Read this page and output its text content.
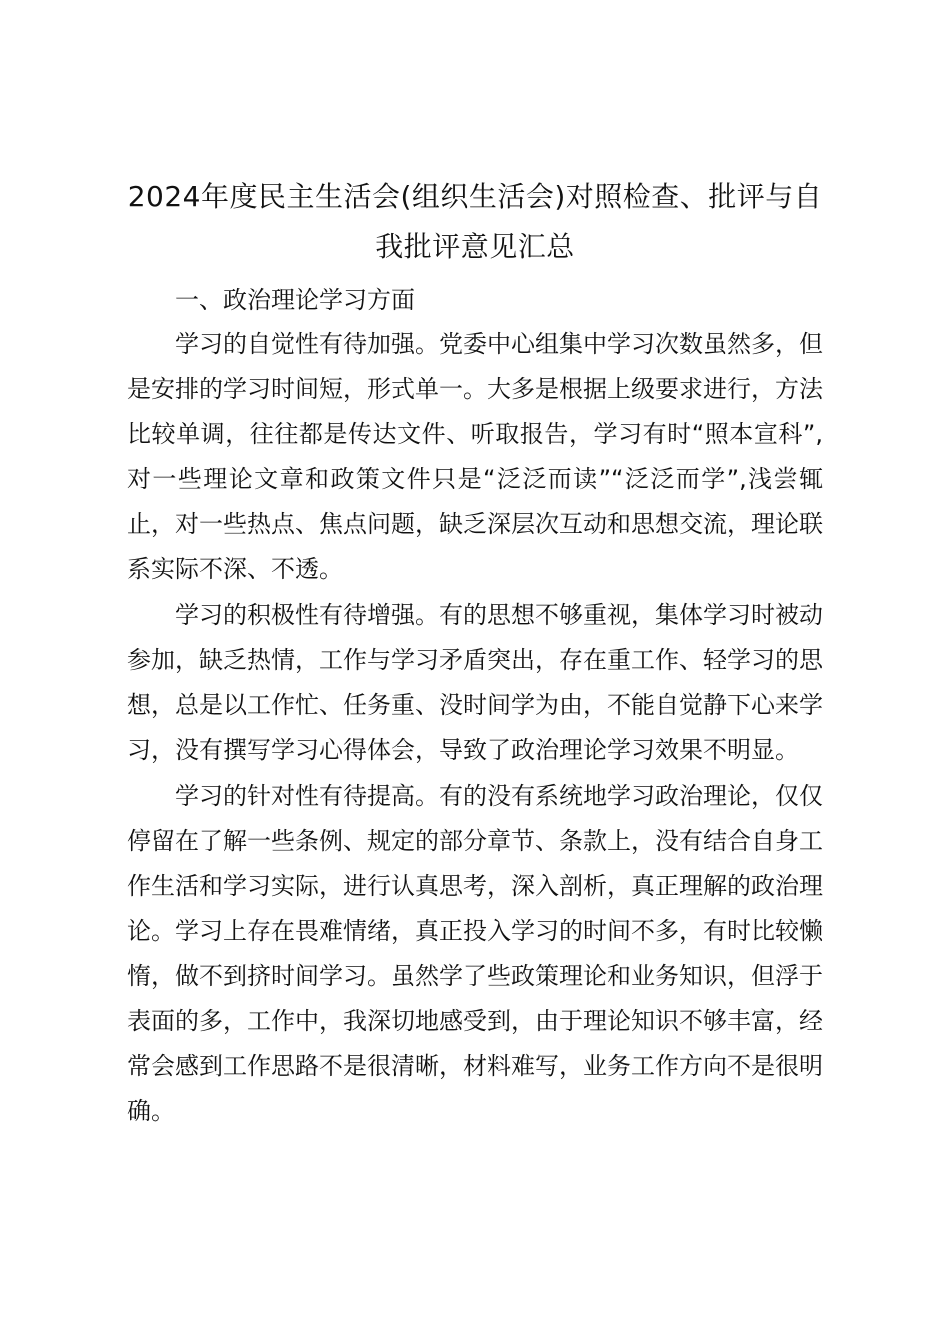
2024年度民主生活会(组织生活会)对照检查、批评与自我批评意见汇总
一、政治理论学习方面

学习的自觉性有待加强。党委中心组集中学习次数虽然多，但是安排的学习时间短，形式单一。大多是根据上级要求进行，方法比较单调，往往都是传达文件、听取报告，学习有时“照本宣科”,对一些理论文章和政策文件只是“泛泛而读”“泛泛而学”,浅尝辄止，对一些热点、焦点问题，缺乏深层次互动和思想交流，理论联系实际不深、不透。

学习的积极性有待增强。有的思想不够重视，集体学习时被动参加，缺乏热情，工作与学习矛盾突出，存在重工作、轻学习的思想，总是以工作忙、任务重、没时间学为由，不能自觉静下心来学习，没有撰写学习心得体会，导致了政治理论学习效果不明显。

学习的针对性有待提高。有的没有系统地学习政治理论，仅仅停留在了解一些条例、规定的部分章节、条款上，没有结合自身工作生活和学习实际，进行认真思考，深入剖析，真正理解的政治理论。学习上存在畏难情绪，真正投入学习的时间不多，有时比较懒惰，做不到挤时间学习。虽然学了些政策理论和业务知识，但浮于表面的多，工作中，我深切地感受到，由于理论知识不够丰富，经常会感到工作思路不是很清晰，材料难写，业务工作方向不是很明确。
